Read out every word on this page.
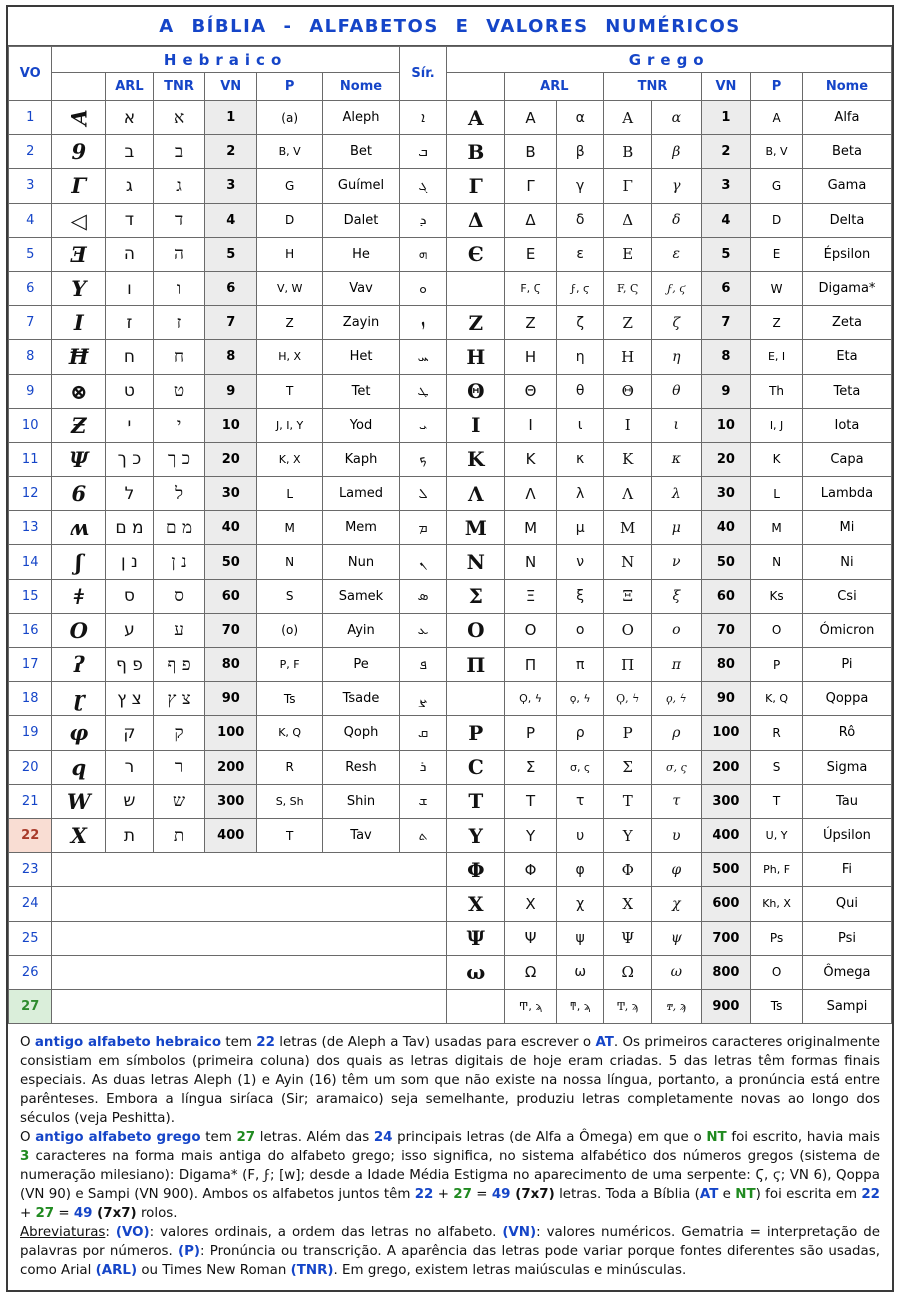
A BÍBLIA - ALFABETOS E VALORES NUMÉRICOS
VO	Hebraico						Sír.	Grego							
		ARL	TNR	VN	P	Nome			ARL		TNR		VN	P	Nome
1	A	א	א	1	(a)	Aleph	ܐ	A	Α	α	Α	α	1	A	Alfa
2	9	ב	ב	2	B, V	Bet	ܒ	B	Β	β	Β	β	2	B, V	Beta
3	Γ	ג	ג	3	G	Guímel	ܓ	Γ	Γ	γ	Γ	γ	3	G	Gama
4	◁	ד	ד	4	D	Dalet	ܕ	Δ	Δ	δ	Δ	δ	4	D	Delta
5	Ǝ	ה	ה	5	H	He	ܗ	Є	Ε	ε	Ε	ε	5	E	Épsilon
6	Y	ו	ו	6	V, W	Vav	ܘ		F, Ϛ	ϝ, ϛ	F, Ϛ	ϝ, ϛ	6	W	Digama*
7	I	ז	ז	7	Z	Zayin	ܙ	Z	Ζ	ζ	Ζ	ζ	7	Z	Zeta
8	Ħ	ח	ח	8	H, X	Het	ܚ	H	Η	η	Η	η	8	E, I	Eta
9	⊗	ט	ט	9	T	Tet	ܛ	Θ	Θ	θ	Θ	θ	9	Th	Teta
10	Ƶ	י	י	10	J, I, Y	Yod	ܝ	I	Ι	ι	Ι	ι	10	I, J	Iota
11	Ψ	כ ך	כ ך	20	K, X	Kaph	ܟ	K	Κ	κ	Κ	κ	20	K	Capa
12	6	ל	ל	30	L	Lamed	ܠ	Λ	Λ	λ	Λ	λ	30	L	Lambda
13	ʍ	מ ם	מ ם	40	M	Mem	ܡ	M	Μ	μ	Μ	μ	40	M	Mi
14	ʃ	נ ן	נ ן	50	N	Nun	ܢ	N	Ν	ν	Ν	ν	50	N	Ni
15	ǂ	ס	ס	60	S	Samek	ܣ	Σ	Ξ	ξ	Ξ	ξ	60	Ks	Csi
16	O	ע	ע	70	(o)	Ayin	ܥ	O	Ο	ο	Ο	ο	70	O	Ómicron
17	ʔ	פ ף	פ ף	80	P, F	Pe	ܦ	Π	Π	π	Π	π	80	P	Pi
18	ɽ	צ ץ	צ ץ	90	Ts	Tsade	ܨ		Ϙ, ϟ	ϙ, ϟ	Ϙ, ϟ	ϙ, ϟ	90	K, Q	Qoppa
19	φ	ק	ק	100	K, Q	Qoph	ܩ	P	Ρ	ρ	Ρ	ρ	100	R	Rô
20	q	ר	ר	200	R	Resh	ܪ	C	Σ	σ, ς	Σ	σ, ς	200	S	Sigma
21	W	ש	ש	300	S, Sh	Shin	ܫ	T	Τ	τ	Τ	τ	300	T	Tau
22	X	ת	ת	400	T	Tav	ܬ	Y	Υ	υ	Υ	υ	400	U, Y	Úpsilon
23								Φ	Φ	φ	Φ	φ	500	Ph, F	Fi
24								X	Χ	χ	Χ	χ	600	Kh, X	Qui
25								Ψ	Ψ	ψ	Ψ	ψ	700	Ps	Psi
26								ω	Ω	ω	Ω	ω	800	O	Ômega
27									Ͳ, ϡ	ͳ, ϡ	Ͳ, ϡ	ͳ, ϡ	900	Ts	Sampi

O antigo alfabeto hebraico tem 22 letras (de Aleph a Tav) usadas para escrever o AT. Os primeiros caracteres originalmente consistiam em símbolos (primeira coluna) dos quais as letras digitais de hoje eram criadas. 5 das letras têm formas finais especiais. As duas letras Aleph (1) e Ayin (16) têm um som que não existe na nossa língua, portanto, a pronúncia está entre parênteses. Embora a língua siríaca (Sir; aramaico) seja semelhante, produziu letras completamente novas ao longo dos séculos (veja Peshitta).

O antigo alfabeto grego tem 27 letras. Além das 24 principais letras (de Alfa a Ômega) em que o NT foi escrito, havia mais 3 caracteres na forma mais antiga do alfabeto grego; isso significa, no sistema alfabético dos números gregos (sistema de numeração milesiano): Digama* (F, ϝ; [w]; desde a Idade Média Estigma no aparecimento de uma serpente: Ϛ, ϛ; VN 6), Qoppa (VN 90) e Sampi (VN 900). Ambos os alfabetos juntos têm 22 + 27 = 49 (7x7) letras. Toda a Bíblia (AT e NT) foi escrita em 22 + 27 = 49 (7x7) rolos.

Abreviaturas: (VO): valores ordinais, a ordem das letras no alfabeto. (VN): valores numéricos. Gematria = interpretação de palavras por números. (P): Pronúncia ou transcrição. A aparência das letras pode variar porque fontes diferentes são usadas, como Arial (ARL) ou Times New Roman (TNR). Em grego, existem letras maiúsculas e minúsculas.
